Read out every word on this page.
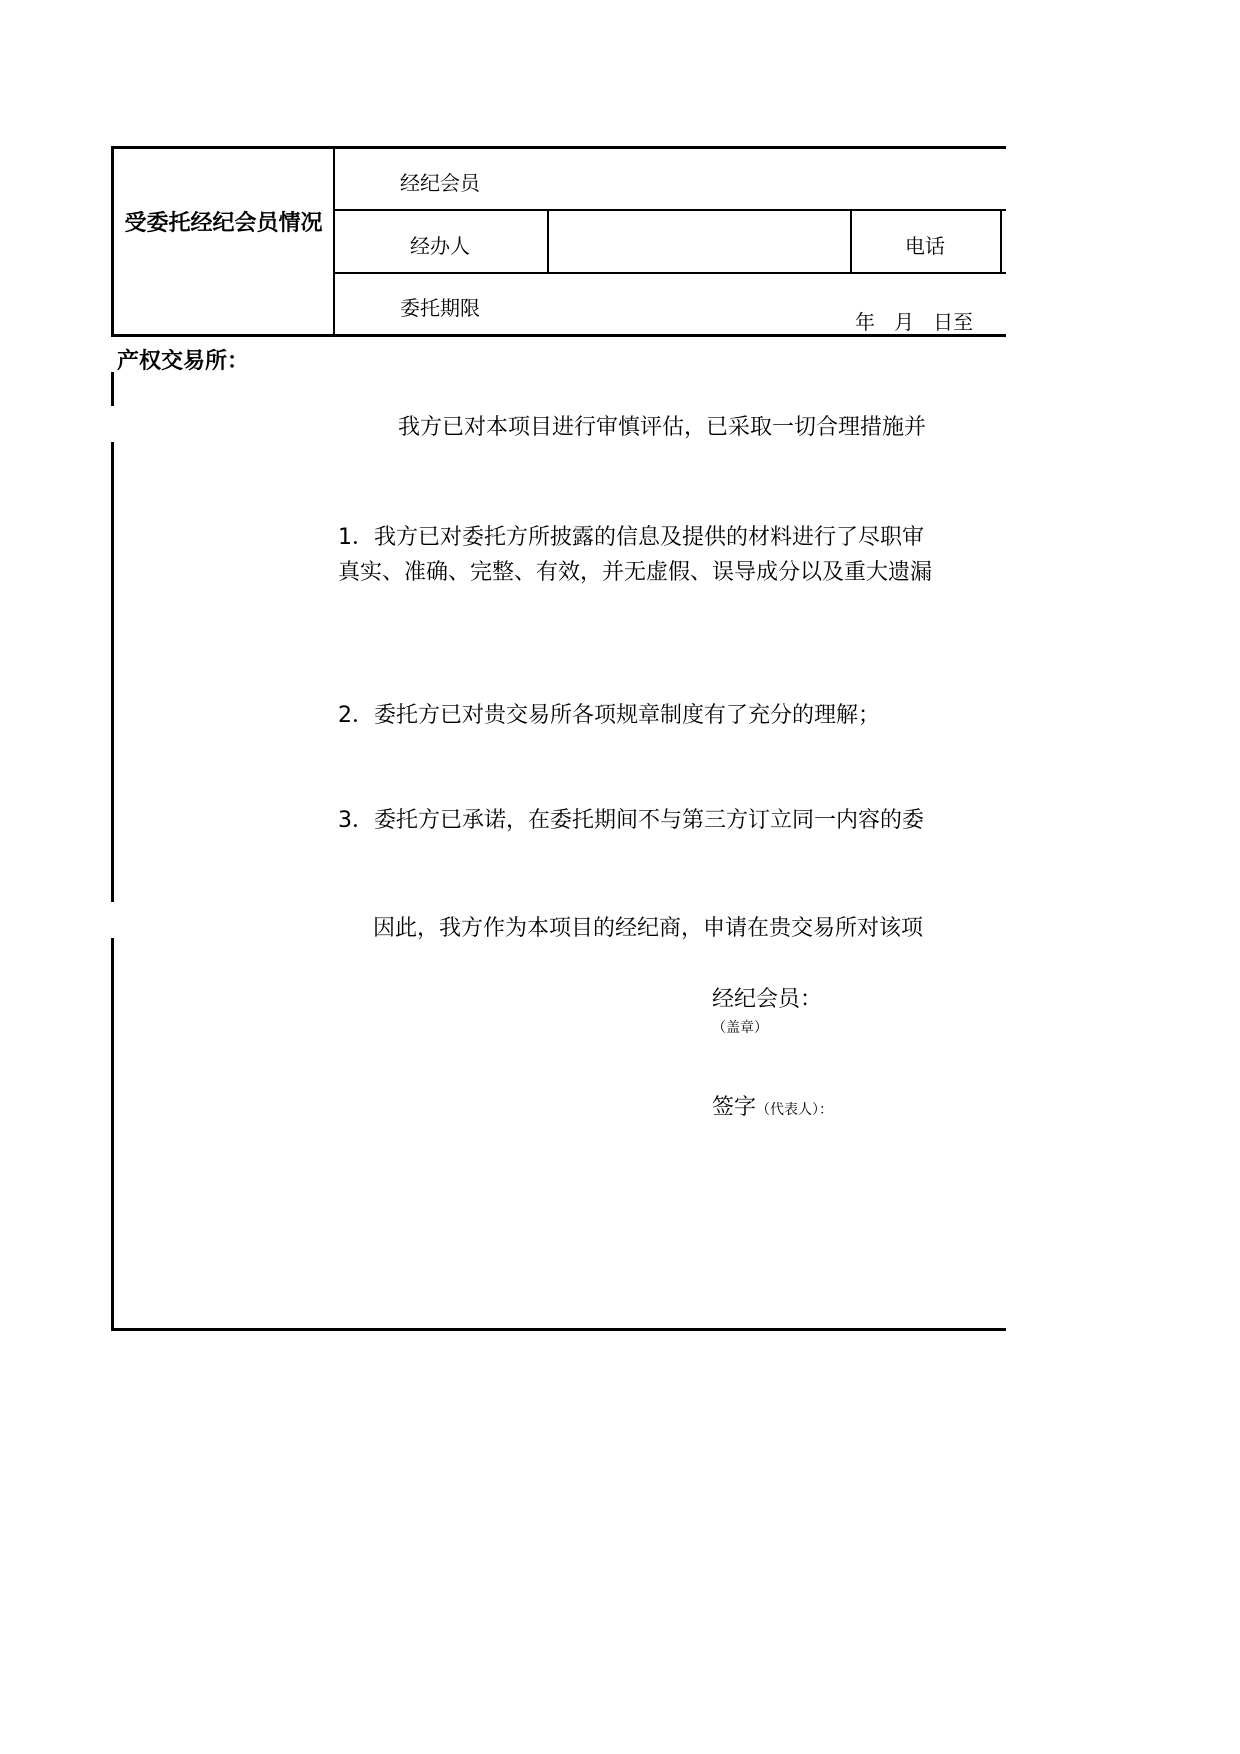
受委托经纪会员情况
经纪会员
经办人	电话
委托期限
年   月   日至
产权交易所：
我方已对本项目进行审慎评估，已采取一切合理措施并
1．我方已对委托方所披露的信息及提供的材料进行了尽职审
真实、准确、完整、有效，并无虚假、误导成分以及重大遗漏
2．委托方已对贵交易所各项规章制度有了充分的理解；
3．委托方已承诺，在委托期间不与第三方订立同一内容的委
因此，我方作为本项目的经纪商，申请在贵交易所对该项
经纪会员：
（盖章）
签字（代表人）：
